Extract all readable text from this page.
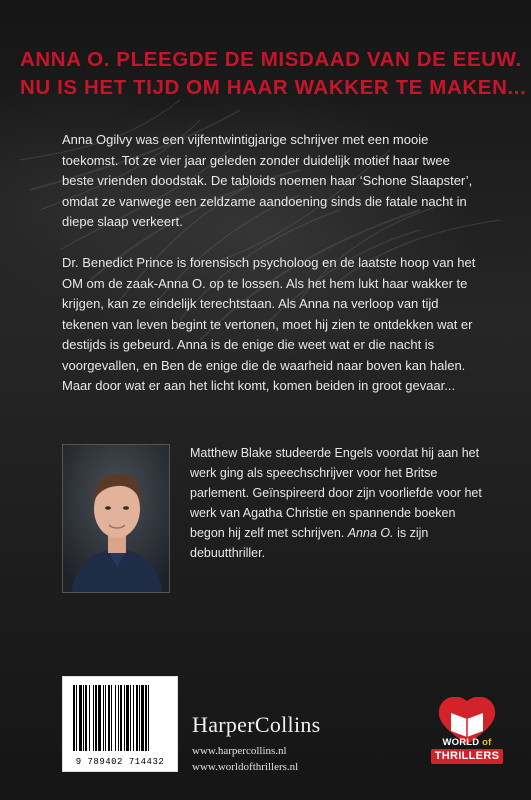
ANNA O. PLEEGDE DE MISDAAD VAN DE EEUW.
NU IS HET TIJD OM HAAR WAKKER TE MAKEN...

Anna Ogilvy was een vijfentwintigjarige schrijver met een mooie toekomst. Tot ze vier jaar geleden zonder duidelijk motief haar twee beste vrienden doodstak. De tabloids noemen haar ‘Schone Slaapster’, omdat ze vanwege een zeldzame aandoening sinds die fatale nacht in diepe slaap verkeert.

Dr. Benedict Prince is forensisch psycholoog en de laatste hoop van het OM om de zaak-Anna O. op te lossen. Als het hem lukt haar wakker te krijgen, kan ze eindelijk terechtstaan. Als Anna na verloop van tijd tekenen van leven begint te vertonen, moet hij zien te ontdekken wat er destijds is gebeurd. Anna is de enige die weet wat er die nacht is voorgevallen, en Ben de enige die de waarheid naar boven kan halen. Maar door wat er aan het licht komt, komen beiden in groot gevaar...

Matthew Blake studeerde Engels voordat hij aan het werk ging als speechschrijver voor het Britse parlement. Geïnspireerd door zijn voorliefde voor het werk van Agatha Christie en spannende boeken begon hij zelf met schrijven. Anna O. is zijn debuutthriller.

9 789402 714432
HarperCollins
www.harpercollins.nl
www.worldofthrillers.nl
WORLD of
THRILLERS
